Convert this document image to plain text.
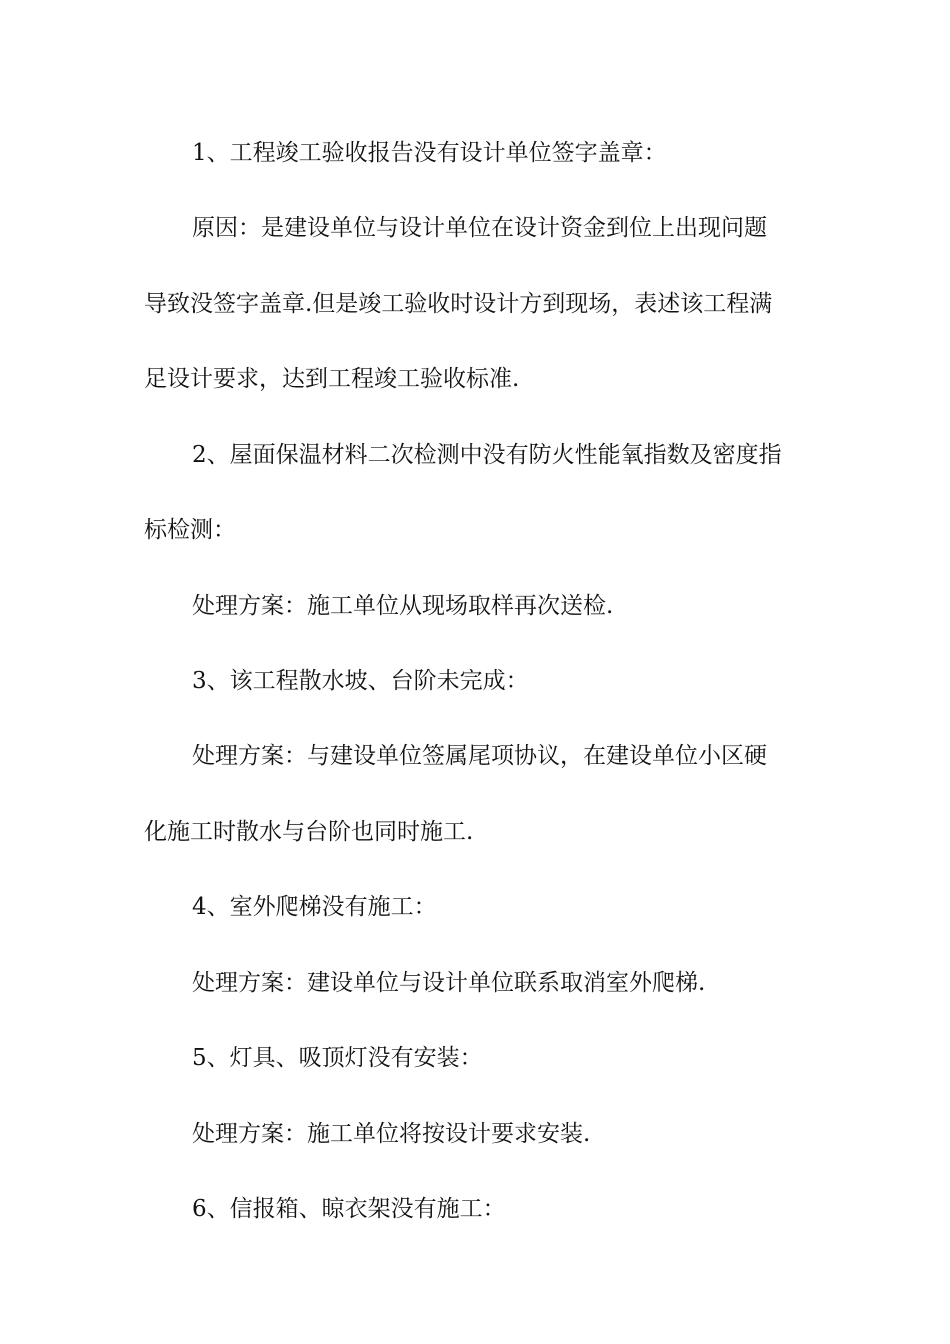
1、工程竣工验收报告没有设计单位签字盖章：

原因：是建设单位与设计单位在设计资金到位上出现问题

导致没签字盖章.但是竣工验收时设计方到现场，表述该工程满

足设计要求，达到工程竣工验收标准.

2、屋面保温材料二次检测中没有防火性能氧指数及密度指

标检测：

处理方案：施工单位从现场取样再次送检.

3、该工程散水坡、台阶未完成：

处理方案：与建设单位签属尾项协议，在建设单位小区硬

化施工时散水与台阶也同时施工.

4、室外爬梯没有施工：

处理方案：建设单位与设计单位联系取消室外爬梯.

5、灯具、吸顶灯没有安装：

处理方案：施工单位将按设计要求安装.

6、信报箱、晾衣架没有施工：
